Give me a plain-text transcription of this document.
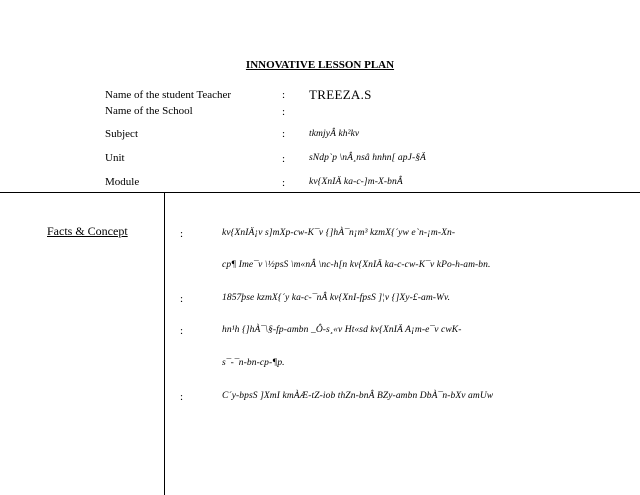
INNOVATIVE LESSON PLAN
Name of the student Teacher	: TREEZA.S
Name of the School	:
Subject	:	tkmjyÂ kh²kv
Unit	:	sNdp`p \nÂ¸nsâ hnhn[ apJ-§Ä
Module	:	kv{XnIÄ ka-c-]m-X-bnÂ
Facts & Concept	:	kv{XnIÄ¡v s]mXp-cw-K¯v {]hÀ¯n¡m³ kzmX{´yw e`n-¡m-Xn-
cp¶ Ime¯v \½psS \m«nÂ \nc-h[n kv{XnIÄ ka-c-cw-K¯v kPo-h-am-bn.
:	1857þse kzmX{´y ka-c-¯nÂ kv{XnI-fpsS ]¦v {]Xy-£-am-Wv.
:	hn¹h {]hÀ¯\§-fp-ambn _Ô-s¸«v Ht«sd kv{XnIÄ A¡m-e¯v cwK-
s¯-¯n-bn-cp-¶p.
:	C´y-bpsS ]XmI kmÀÆ-tZ-iob thZn-bnÂ BZy-ambn DbÀ¯n-bXv amUw
